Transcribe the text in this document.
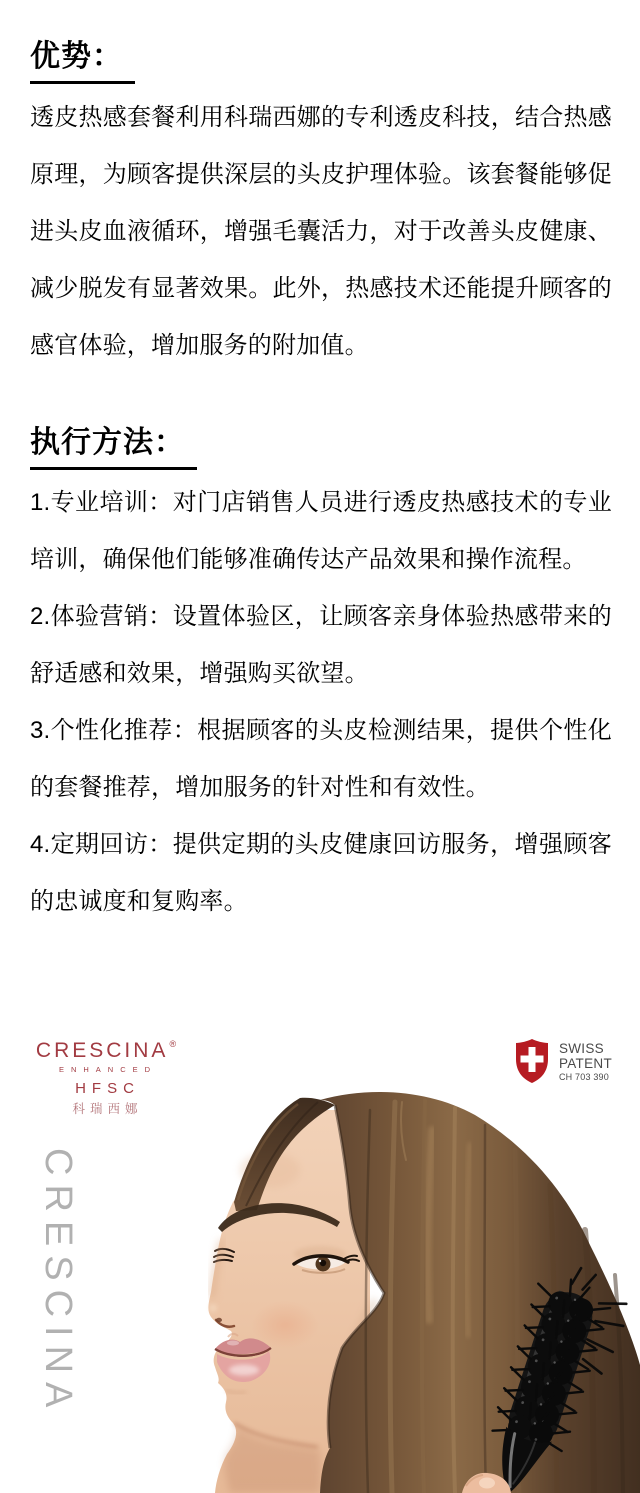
优势：
透皮热感套餐利用科瑞西娜的专利透皮科技，结合热感
原理，为顾客提供深层的头皮护理体验。该套餐能够促
进头皮血液循环，增强毛囊活力，对于改善头皮健康、
减少脱发有显著效果。此外，热感技术还能提升顾客的
感官体验，增加服务的附加值。
执行方法：
1.专业培训：对门店销售人员进行透皮热感技术的专业
培训，确保他们能够准确传达产品效果和操作流程。
2.体验营销：设置体验区，让顾客亲身体验热感带来的
舒适感和效果，增强购买欲望。
3.个性化推荐：根据顾客的头皮检测结果，提供个性化
的套餐推荐，增加服务的针对性和有效性。
4.定期回访：提供定期的头皮健康回访服务，增强顾客
的忠诚度和复购率。
CRESCINA®
ENHANCED
HFSC
科瑞西娜
SWISS
PATENT
CH 703 390
CRESCINA
